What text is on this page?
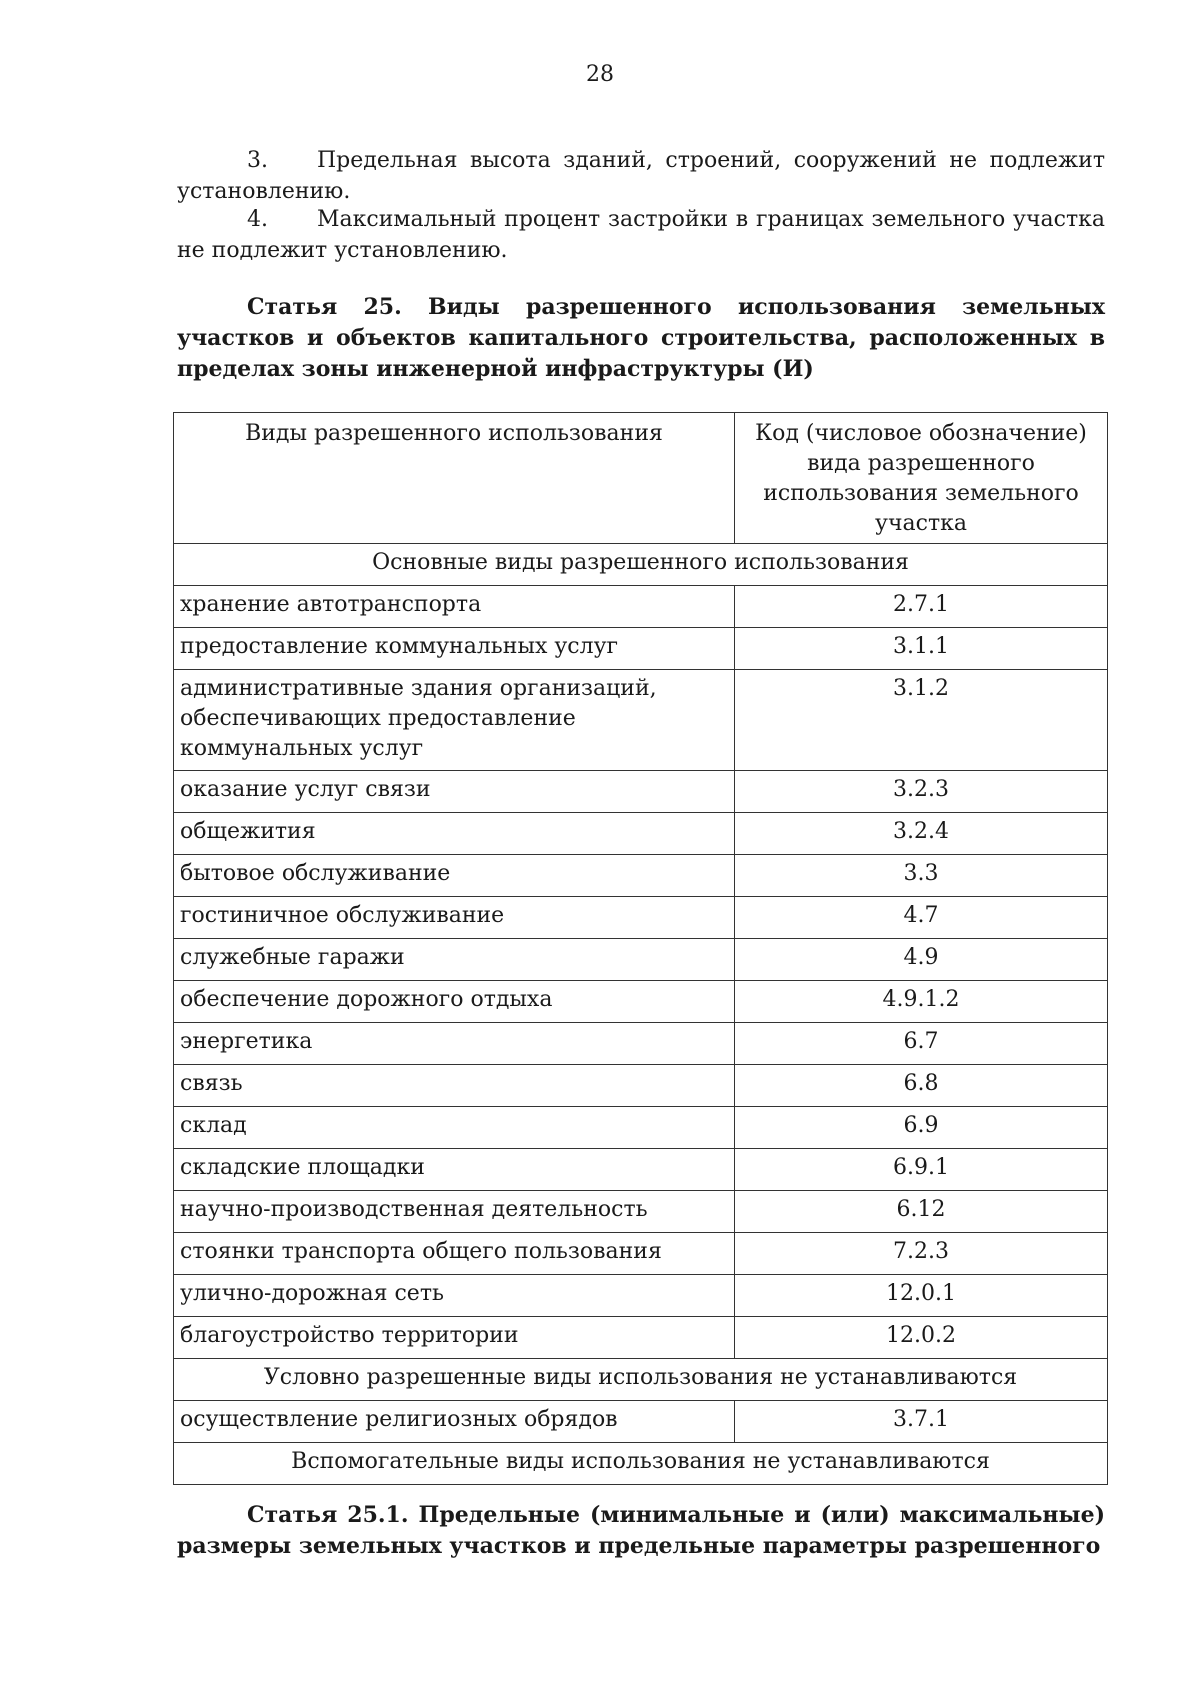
28
3. Предельная высота зданий, строений, сооружений не подлежит установлению.
4. Максимальный процент застройки в границах земельного участка не подлежит установлению.
Статья 25. Виды разрешенного использования земельных участков и объектов капитального строительства, расположенных в пределах зоны инженерной инфраструктуры (И)
Виды разрешенного использования	Код (числовое обозначение) вида разрешенного использования земельного участка
Основные виды разрешенного использования	
хранение автотранспорта	2.7.1
предоставление коммунальных услуг	3.1.1
административные здания организаций, обеспечивающих предоставление коммунальных услуг	3.1.2
оказание услуг связи	3.2.3
общежития	3.2.4
бытовое обслуживание	3.3
гостиничное обслуживание	4.7
служебные гаражи	4.9
обеспечение дорожного отдыха	4.9.1.2
энергетика	6.7
связь	6.8
склад	6.9
складские площадки	6.9.1
научно-производственная деятельность	6.12
стоянки транспорта общего пользования	7.2.3
улично-дорожная сеть	12.0.1
благоустройство территории	12.0.2
Условно разрешенные виды использования не устанавливаются	
осуществление религиозных обрядов	3.7.1
Вспомогательные виды использования не устанавливаются	
Статья 25.1. Предельные (минимальные и (или) максимальные) размеры земельных участков и предельные параметры разрешенного
